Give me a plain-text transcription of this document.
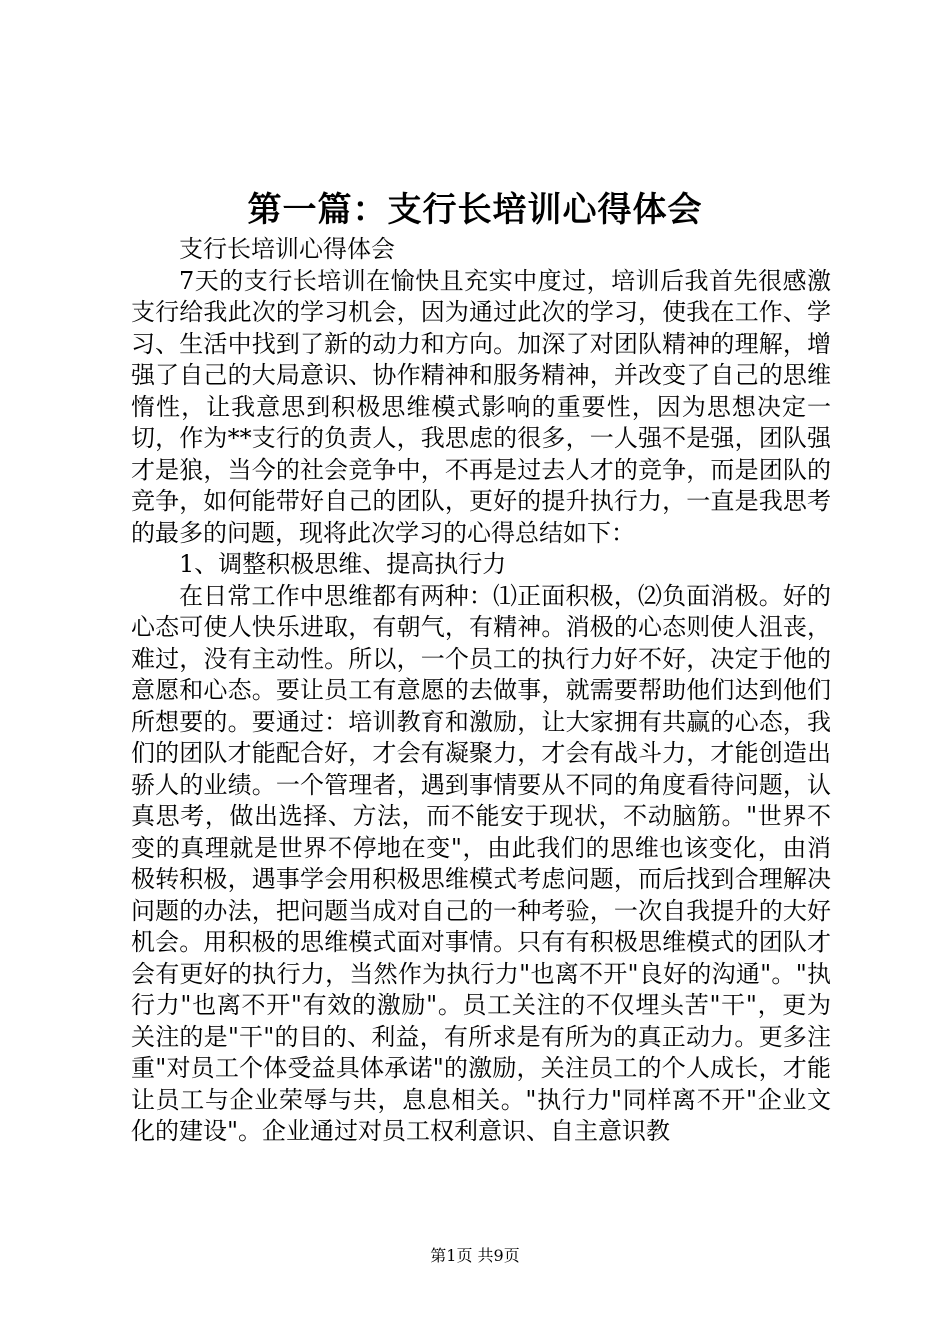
第一篇：支行长培训心得体会

支行长培训心得体会

7天的支行长培训在愉快且充实中度过，培训后我首先很感激支行给我此次的学习机会，因为通过此次的学习，使我在工作、学习、生活中找到了新的动力和方向。加深了对团队精神的理解，增强了自己的大局意识、协作精神和服务精神，并改变了自己的思维惰性，让我意思到积极思维模式影响的重要性，因为思想决定一切，作为**支行的负责人，我思虑的很多，一人强不是强，团队强才是狼，当今的社会竞争中，不再是过去人才的竞争，而是团队的竞争，如何能带好自己的团队，更好的提升执行力，一直是我思考的最多的问题，现将此次学习的心得总结如下：

1、调整积极思维、提高执行力

在日常工作中思维都有两种：⑴正面积极，⑵负面消极。好的心态可使人快乐进取，有朝气，有精神。消极的心态则使人沮丧，难过，没有主动性。所以，一个员工的执行力好不好，决定于他的意愿和心态。要让员工有意愿的去做事，就需要帮助他们达到他们所想要的。要通过：培训教育和激励，让大家拥有共赢的心态，我们的团队才能配合好，才会有凝聚力，才会有战斗力，才能创造出骄人的业绩。一个管理者，遇到事情要从不同的角度看待问题，认真思考，做出选择、方法，而不能安于现状，不动脑筋。"世界不变的真理就是世界不停地在变"，由此我们的思维也该变化，由消极转积极，遇事学会用积极思维模式考虑问题，而后找到合理解决问题的办法，把问题当成对自己的一种考验，一次自我提升的大好机会。用积极的思维模式面对事情。只有有积极思维模式的团队才会有更好的执行力，当然作为执行力"也离不开"良好的沟通"。"执行力"也离不开"有效的激励"。员工关注的不仅埋头苦"干"，更为关注的是"干"的目的、利益，有所求是有所为的真正动力。更多注重"对员工个体受益具体承诺"的激励，关注员工的个人成长，才能让员工与企业荣辱与共，息息相关。"执行力"同样离不开"企业文化的建设"。企业通过对员工权利意识、自主意识教

第1页 共9页
